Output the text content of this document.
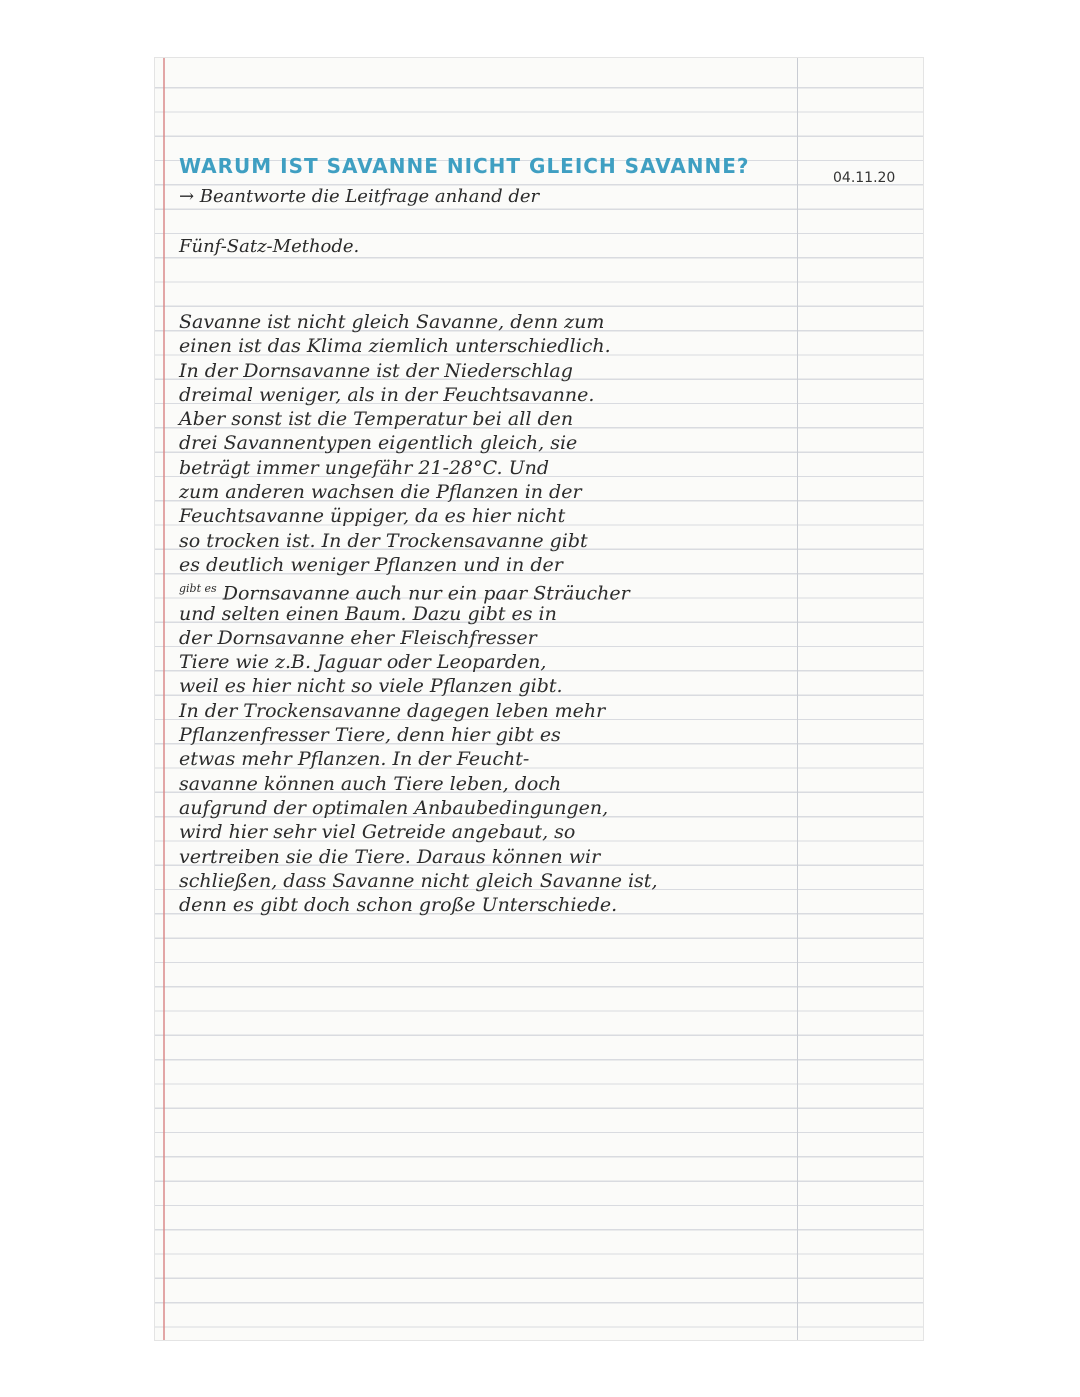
WARUM IST SAVANNE NICHT GLEICH SAVANNE?	04.11.20
→ Beantworte die Leitfrage anhand der
Fünf-Satz-Methode.
Savanne ist nicht gleich Savanne, denn zum
einen ist das Klima ziemlich unterschiedlich.
In der Dornsavanne ist der Niederschlag
dreimal weniger, als in der Feuchtsavanne.
Aber sonst ist die Temperatur bei all den
drei Savannentypen eigentlich gleich, sie
beträgt immer ungefähr 21-28°C. Und
zum anderen wachsen die Pflanzen in der
Feuchtsavanne üppiger, da es hier nicht
so trocken ist. In der Trockensavanne gibt
es deutlich weniger Pflanzen und in der
$^{gibt es}$ Dornsavanne auch nur ein paar Sträucher
und selten einen Baum. Dazu gibt es in
der Dornsavanne eher Fleischfresser
Tiere wie z.B. Jaguar oder Leoparden,
weil es hier nicht so viele Pflanzen gibt.
In der Trockensavanne dagegen leben mehr
Pflanzenfresser Tiere, denn hier gibt es
etwas mehr Pflanzen. In der Feucht-
savanne können auch Tiere leben, doch
aufgrund der optimalen Anbaubedingungen,
wird hier sehr viel Getreide angebaut, so
vertreiben sie die Tiere. Daraus können wir
schließen, dass Savanne nicht gleich Savanne ist,
denn es gibt doch schon große Unterschiede.
